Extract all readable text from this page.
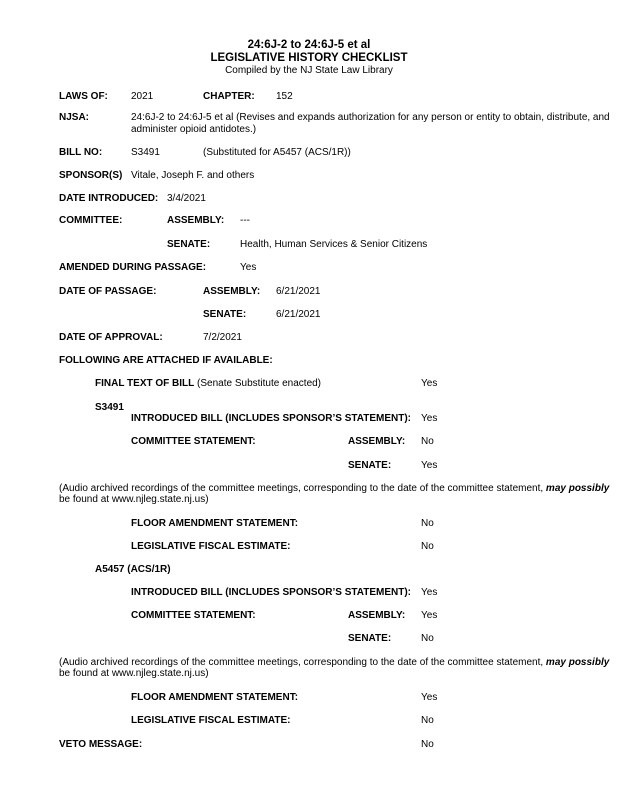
24:6J-2 to 24:6J-5 et al
LEGISLATIVE HISTORY CHECKLIST
Compiled by the NJ State Law Library
LAWS OF: 2021	CHAPTER: 152
NJSA:	24:6J-2 to 24:6J-5 et al (Revises and expands authorization for any person or entity to obtain, distribute, and
administer opioid antidotes.)
BILL NO:	S3491	(Substituted for A5457 (ACS/1R))
SPONSOR(S) Vitale, Joseph F. and others
DATE INTRODUCED: 3/4/2021
COMMITTEE:	ASSEMBLY: ---
SENATE:	Health, Human Services & Senior Citizens
AMENDED DURING PASSAGE:	Yes
DATE OF PASSAGE:	ASSEMBLY: 6/21/2021
SENATE:	6/21/2021
DATE OF APPROVAL:	7/2/2021
FOLLOWING ARE ATTACHED IF AVAILABLE:
FINAL TEXT OF BILL (Senate Substitute enacted)	Yes
S3491
INTRODUCED BILL (INCLUDES SPONSOR’S STATEMENT): Yes
COMMITTEE STATEMENT:	ASSEMBLY: No
SENATE:	Yes
(Audio archived recordings of the committee meetings, corresponding to the date of the committee statement, may possibly
be found at www.njleg.state.nj.us)
FLOOR AMENDMENT STATEMENT:	No
LEGISLATIVE FISCAL ESTIMATE:	No
A5457 (ACS/1R)
INTRODUCED BILL (INCLUDES SPONSOR’S STATEMENT): Yes
COMMITTEE STATEMENT:	ASSEMBLY: Yes
SENATE:	No
(Audio archived recordings of the committee meetings, corresponding to the date of the committee statement, may possibly
be found at www.njleg.state.nj.us)
FLOOR AMENDMENT STATEMENT:	Yes
LEGISLATIVE FISCAL ESTIMATE:	No
VETO MESSAGE:	No
